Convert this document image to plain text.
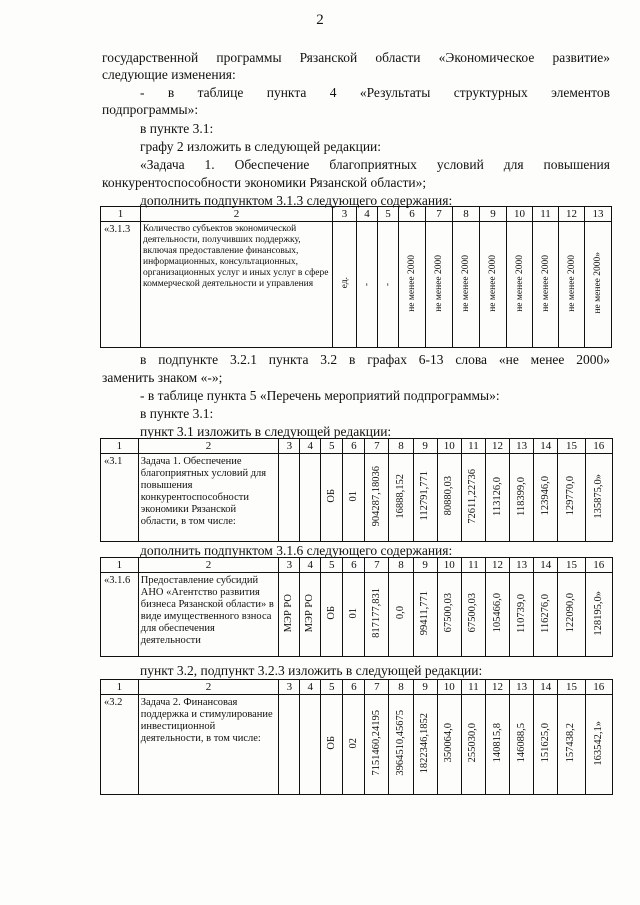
2
государственной программы Рязанской области «Экономическое развитие»
следующие изменения:
- в таблице пункта 4 «Результаты структурных элементов
подпрограммы»:
в пункте 3.1:
графу 2 изложить в следующей редакции:
«Задача 1. Обеспечение благоприятных условий для повышения
конкурентоспособности экономики Рязанской области»;
дополнить подпунктом 3.1.3 следующего содержания:
1	2	3	4	5	6	7	8	9	10	11	12	13
«3.1.3	Количество субъектов экономической деятельности, получивших поддержку, включая предоставление финансовых, информационных, консультационных, организационных услуг и иных услуг в сфере коммерческой деятельности и управления	ед.	-	-	не менее 2000	не менее 2000	не менее 2000	не менее 2000	не менее 2000	не менее 2000	не менее 2000	не менее 2000»
в подпункте 3.2.1 пункта 3.2 в графах 6-13 слова «не менее 2000»
заменить знаком «-»;
- в таблице пункта 5 «Перечень мероприятий подпрограммы»:
в пункте 3.1:
пункт 3.1 изложить в следующей редакции:
1	2	3	4	5	6	7	8	9	10	11	12	13	14	15	16
«3.1	Задача 1. Обеспечение благоприятных условий для повышения конкурентоспособности экономики Рязанской области, в том числе:			ОБ	01	904287,18036	16888,152	112791,771	80880,03	72611,22736	113126,0	118399,0	123946,0	129770,0	135875,0»
дополнить подпунктом 3.1.6 следующего содержания:
1	2	3	4	5	6	7	8	9	10	11	12	13	14	15	16
«3.1.6	Предоставление субсидий АНО «Агентство развития бизнеса Рязанской области» в виде имущественного взноса для обеспечения деятельности	МЭР РО	МЭР РО	ОБ	01	817177,831	0,0	99411,771	67500,03	67500,03	105466,0	110739,0	116276,0	122090,0	128195,0»
пункт 3.2, подпункт 3.2.3 изложить в следующей редакции:
1	2	3	4	5	6	7	8	9	10	11	12	13	14	15	16
«3.2	Задача 2. Финансовая поддержка и стимулирование инвестиционной деятельности, в том числе:			ОБ	02	7151460,24195	3964510,45675	1822346,1852	350064,0	255030,0	140815,8	146088,5	151625,0	157438,2	163542,1»
